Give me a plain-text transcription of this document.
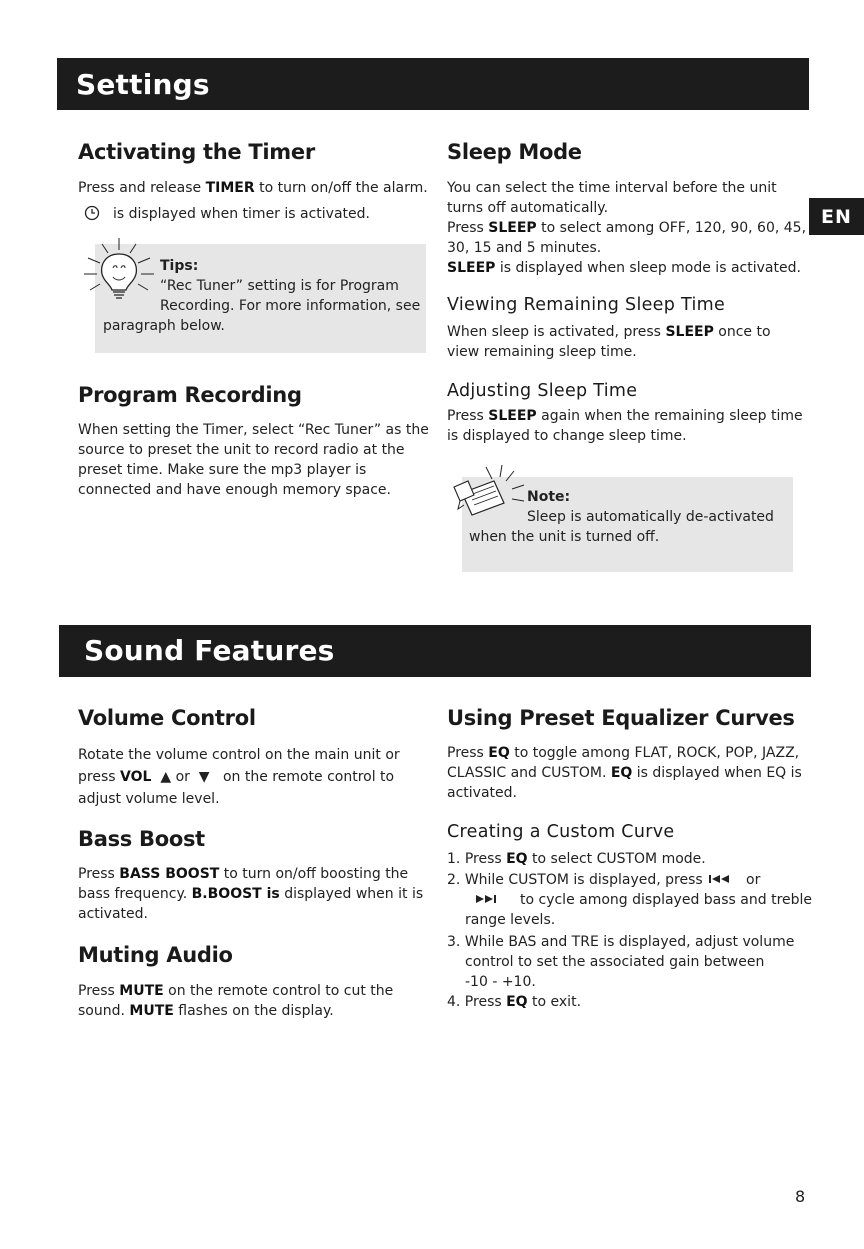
Settings
EN
Activating the Timer
Press and release TIMER to turn on/off the alarm.
is displayed when timer is activated.
Tips:
“Rec Tuner” setting is for Program
Recording. For more information, see
paragraph below.
Program Recording
When setting the Timer, select “Rec Tuner” as the
source to preset the unit to record radio at the
preset time. Make sure the mp3 player is
connected and have enough memory space.
Sleep Mode
You can select the time interval before the unit
turns off automatically.
Press SLEEP to select among OFF, 120, 90, 60, 45,
30, 15 and 5 minutes.
SLEEP is displayed when sleep mode is activated.
Viewing Remaining Sleep Time
When sleep is activated, press SLEEP once to
view remaining sleep time.
Adjusting Sleep Time
Press SLEEP again when the remaining sleep time
is displayed to change sleep time.
Note:
Sleep is automatically de-activated
when the unit is turned off.
Sound Features
Volume Control
Rotate the volume control on the main unit or
press VOL ▲ or ▼ on the remote control to
adjust volume level.
Bass Boost
Press BASS BOOST to turn on/off boosting the
bass frequency. B.BOOST is displayed when it is
activated.
Muting Audio
Press MUTE on the remote control to cut the
sound. MUTE flashes on the display.
Using Preset Equalizer Curves
Press EQ to toggle among FLAT, ROCK, POP, JAZZ,
CLASSIC and CUSTOM. EQ is displayed when EQ is
activated.
Creating a Custom Curve
1. Press EQ to select CUSTOM mode.
2. While CUSTOM is displayed, press
to cycle among displayed bass and treble
range levels.
3. While BAS and TRE is displayed, adjust volume
control to set the associated gain between
-10 - +10.
4. Press EQ to exit.
or
8
